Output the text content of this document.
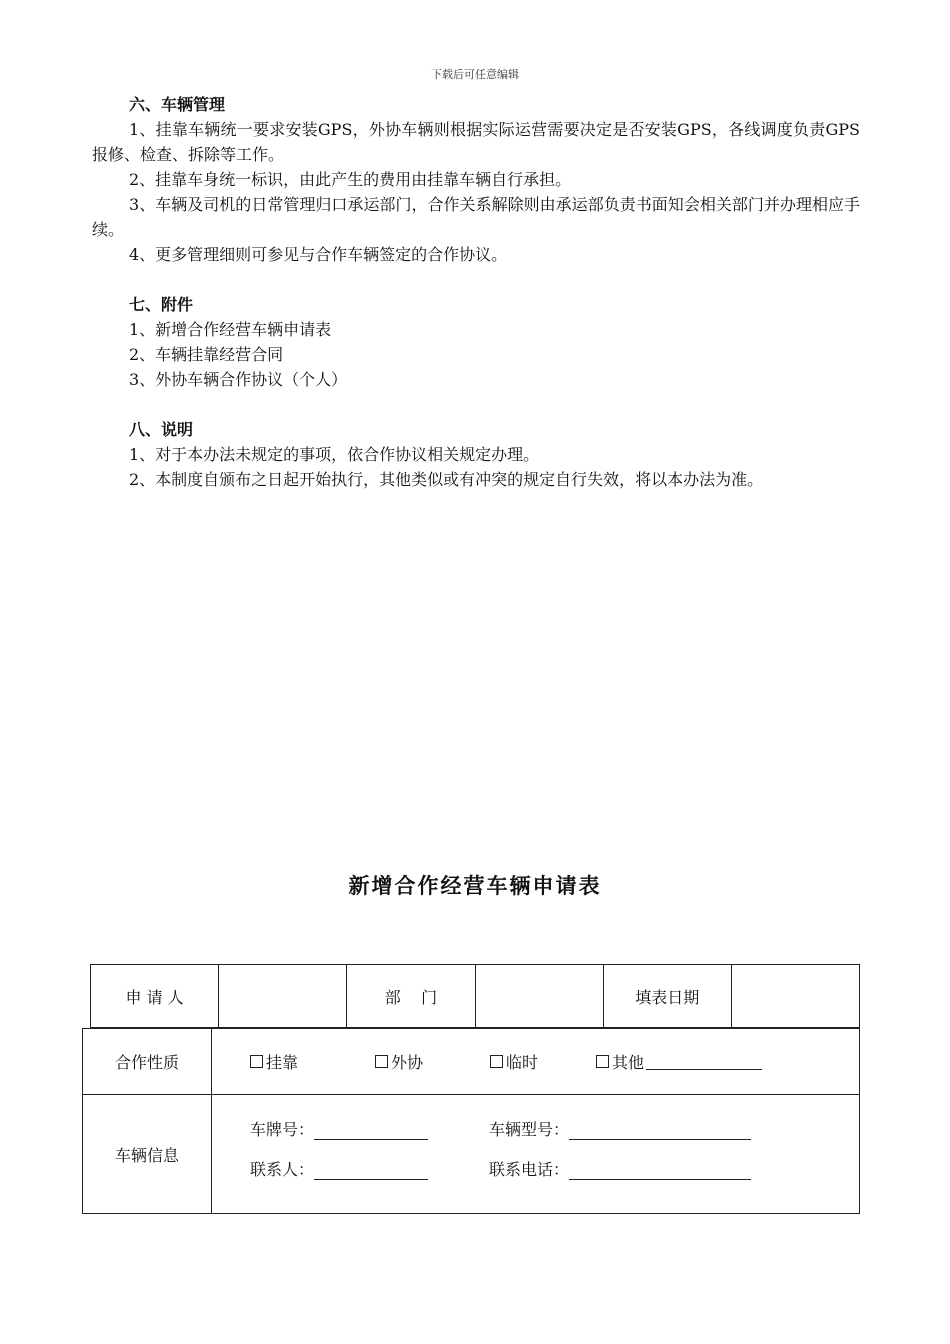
下载后可任意编辑

六、车辆管理

1、挂靠车辆统一要求安装GPS，外协车辆则根据实际运营需要决定是否安装GPS，各线调度负责GPS报修、检查、拆除等工作。

2、挂靠车身统一标识，由此产生的费用由挂靠车辆自行承担。

3、车辆及司机的日常管理归口承运部门，合作关系解除则由承运部负责书面知会相关部门并办理相应手续。

4、更多管理细则可参见与合作车辆签定的合作协议。

七、附件

1、新增合作经营车辆申请表

2、车辆挂靠经营合同

3、外协车辆合作协议（个人）

八、说明

1、对于本办法未规定的事项，依合作协议相关规定办理。

2、本制度自颁布之日起开始执行，其他类似或有冲突的规定自行失效，将以本办法为准。

新增合作经营车辆申请表
申 请 人	部    门	填表日期
合作性质	挂靠	外协	临时	其他
车辆信息
车牌号：	车辆型号：
联系人：	联系电话：
